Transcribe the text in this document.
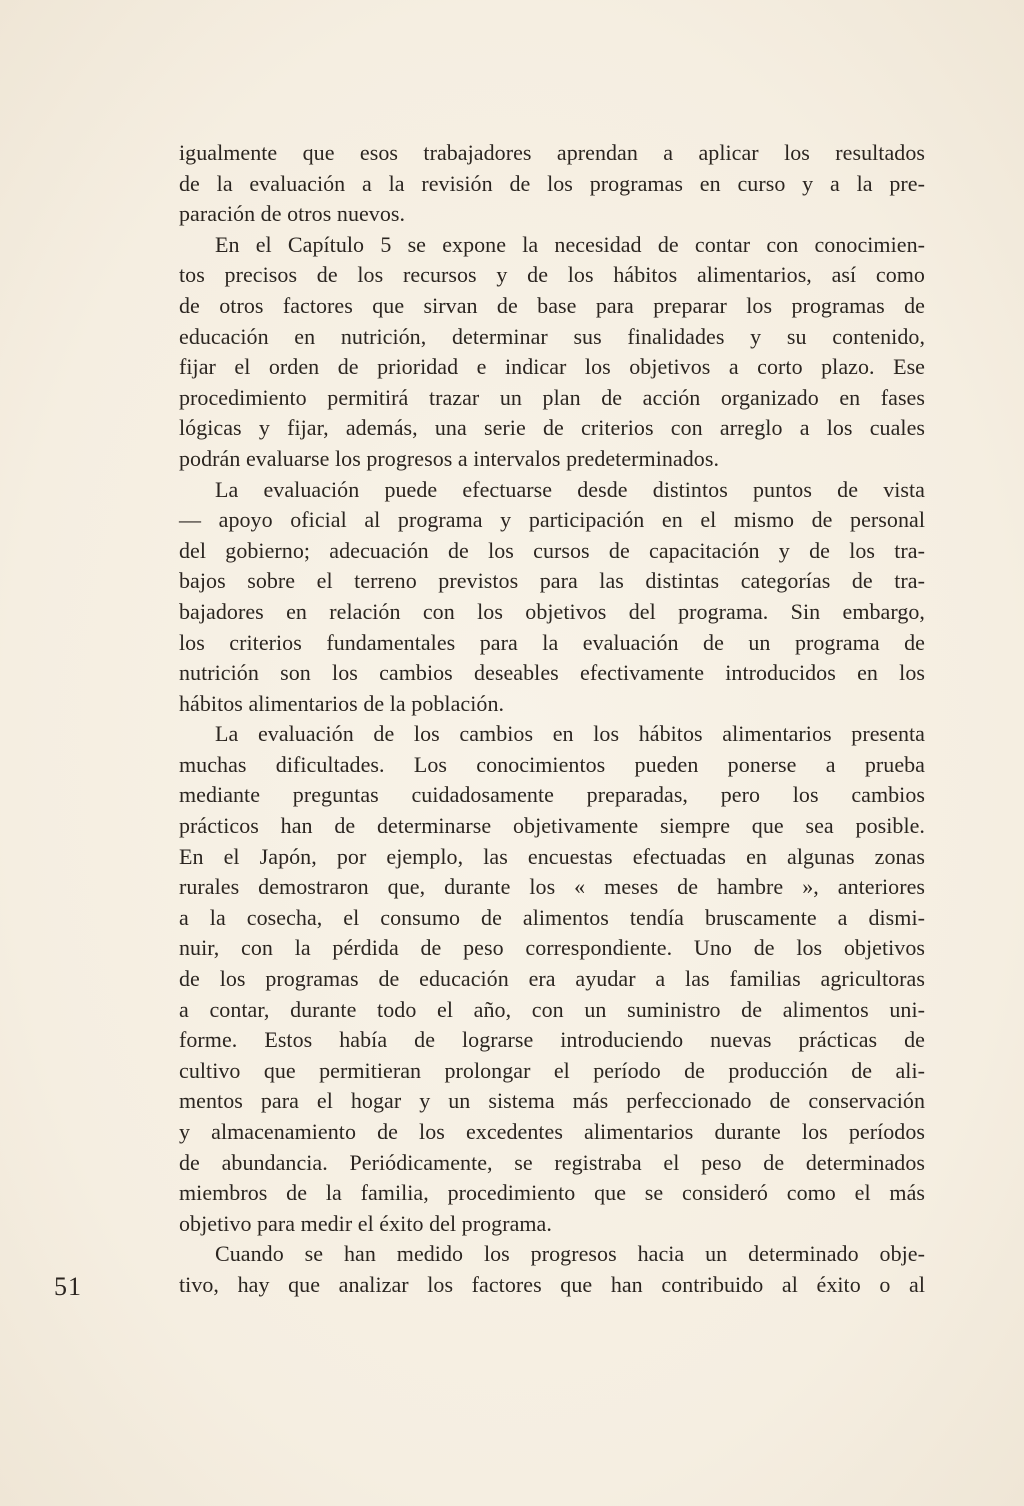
igualmente que esos trabajadores aprendan a aplicar los resultados

de la evaluación a la revisión de los programas en curso y a la pre-

paración de otros nuevos.

En el Capítulo 5 se expone la necesidad de contar con conocimien-

tos precisos de los recursos y de los hábitos alimentarios, así como

de otros factores que sirvan de base para preparar los programas de

educación en nutrición, determinar sus finalidades y su contenido,

fijar el orden de prioridad e indicar los objetivos a corto plazo. Ese

procedimiento permitirá trazar un plan de acción organizado en fases

lógicas y fijar, además, una serie de criterios con arreglo a los cuales

podrán evaluarse los progresos a intervalos predeterminados.

La evaluación puede efectuarse desde distintos puntos de vista

— apoyo oficial al programa y participación en el mismo de personal

del gobierno; adecuación de los cursos de capacitación y de los tra-

bajos sobre el terreno previstos para las distintas categorías de tra-

bajadores en relación con los objetivos del programa. Sin embargo,

los criterios fundamentales para la evaluación de un programa de

nutrición son los cambios deseables efectivamente introducidos en los

hábitos alimentarios de la población.

La evaluación de los cambios en los hábitos alimentarios presenta

muchas dificultades. Los conocimientos pueden ponerse a prueba

mediante preguntas cuidadosamente preparadas, pero los cambios

prácticos han de determinarse objetivamente siempre que sea posible.

En el Japón, por ejemplo, las encuestas efectuadas en algunas zonas

rurales demostraron que, durante los « meses de hambre », anteriores

a la cosecha, el consumo de alimentos tendía bruscamente a dismi-

nuir, con la pérdida de peso correspondiente. Uno de los objetivos

de los programas de educación era ayudar a las familias agricultoras

a contar, durante todo el año, con un suministro de alimentos uni-

forme. Estos había de lograrse introduciendo nuevas prácticas de

cultivo que permitieran prolongar el período de producción de ali-

mentos para el hogar y un sistema más perfeccionado de conservación

y almacenamiento de los excedentes alimentarios durante los períodos

de abundancia. Periódicamente, se registraba el peso de determinados

miembros de la familia, procedimiento que se consideró como el más

objetivo para medir el éxito del programa.

Cuando se han medido los progresos hacia un determinado obje-

tivo, hay que analizar los factores que han contribuido al éxito o al

51
